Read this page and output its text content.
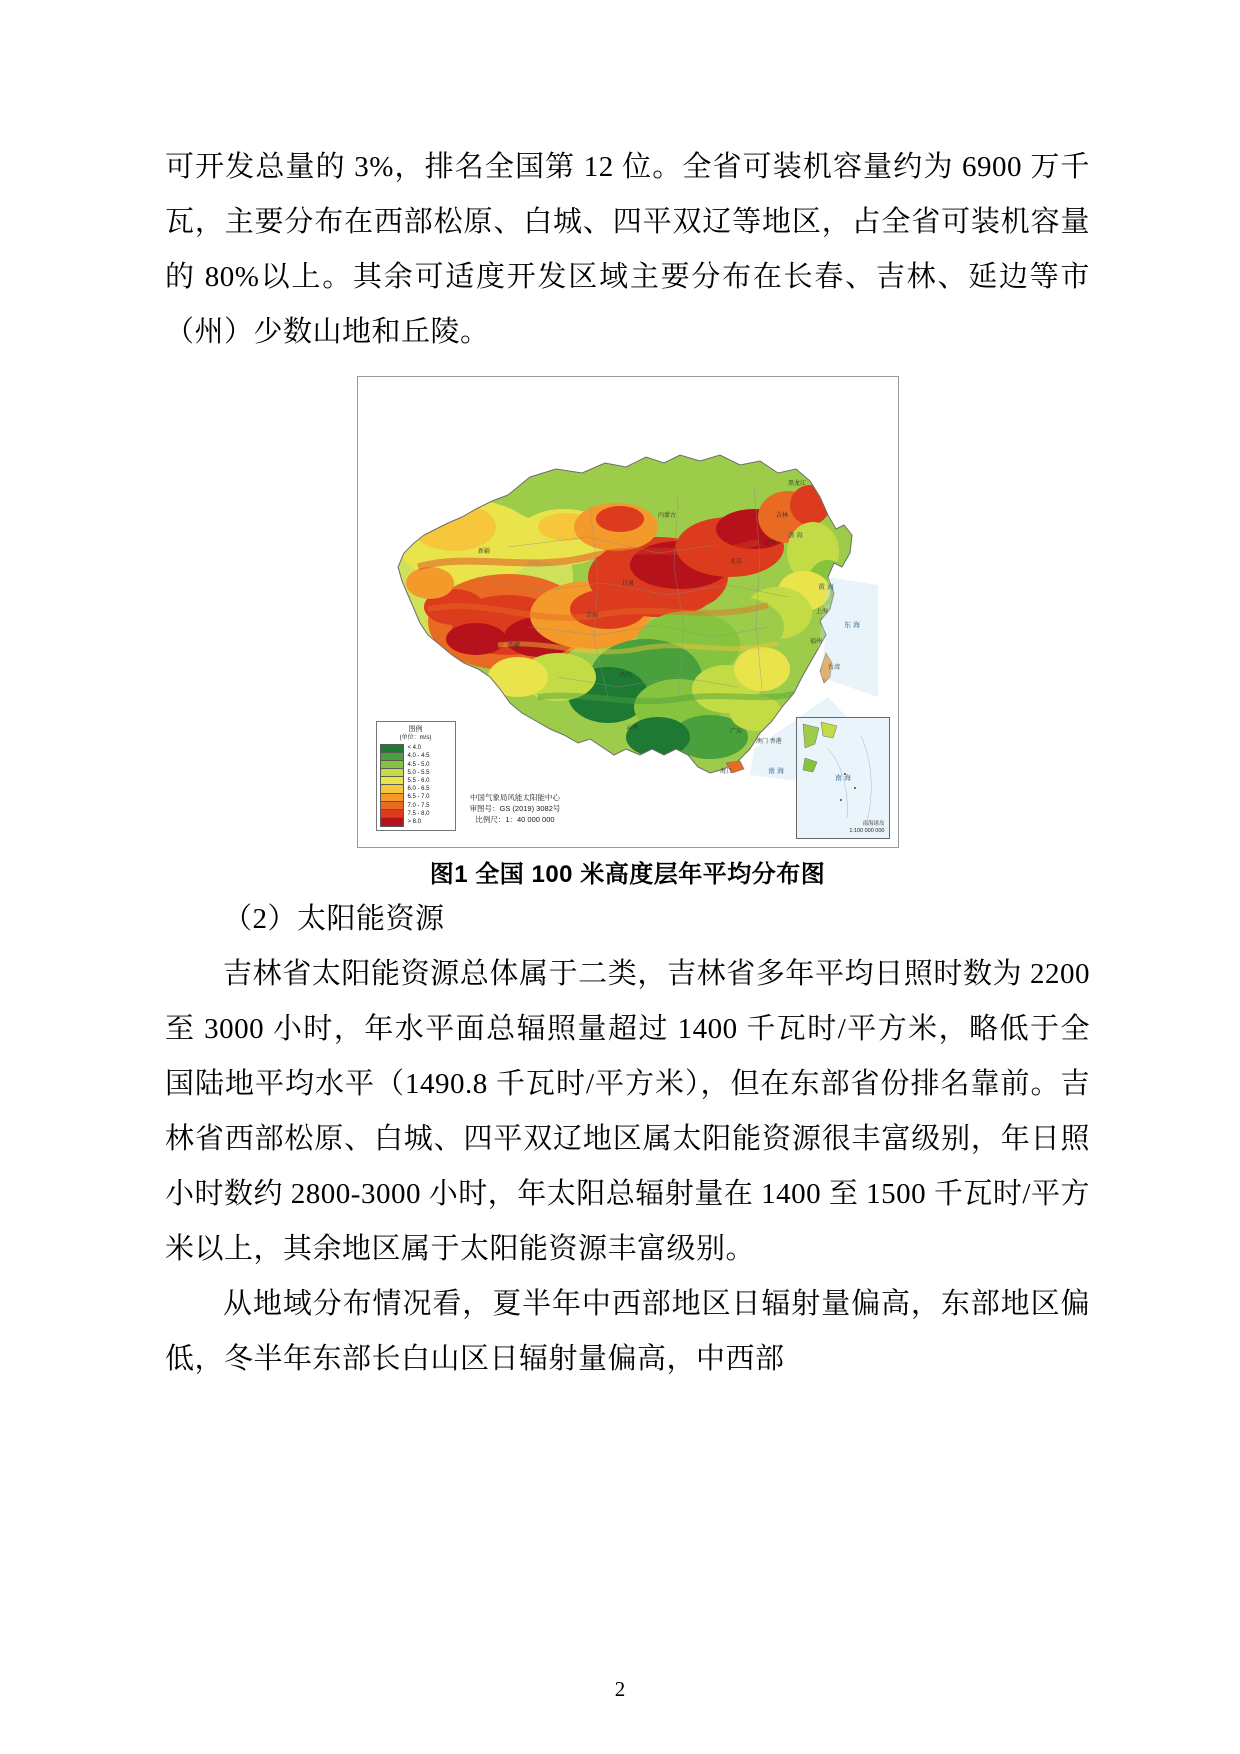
可开发总量的 3%，排名全国第 12 位。全省可装机容量约为 6900 万千瓦，主要分布在西部松原、白城、四平双辽等地区，占全省可装机容量的 80%以上。其余可适度开发区域主要分布在长春、吉林、延边等市（州）少数山地和丘陵。

东 海
黄 海
渤 海
南 海
黑龙江
吉林
辽宁
北京
内蒙古
新疆
西藏
青海
甘肃
四川
云南
广东
台湾
海口
福州
上海
澳门 香港
图例
(单位：m/s)
< 4.0
4.0 - 4.5
4.5 - 5.0
5.0 - 5.5
5.5 - 6.0
6.0 - 6.5
6.5 - 7.0
7.0 - 7.5
7.5 - 8.0
> 8.0
中国气象局风能太阳能中心
审图号：GS (2019) 3082号
比例尺：1：40 000 000
南 海
南海诸岛
1:100 000 000
图1 全国 100 米高度层年平均分布图

（2）太阳能资源

吉林省太阳能资源总体属于二类，吉林省多年平均日照时数为 2200 至 3000 小时，年水平面总辐照量超过 1400 千瓦时/平方米，略低于全国陆地平均水平（1490.8 千瓦时/平方米），但在东部省份排名靠前。吉林省西部松原、白城、四平双辽地区属太阳能资源很丰富级别，年日照小时数约 2800-3000 小时，年太阳总辐射量在 1400 至 1500 千瓦时/平方米以上，其余地区属于太阳能资源丰富级别。

从地域分布情况看，夏半年中西部地区日辐射量偏高，东部地区偏低，冬半年东部长白山区日辐射量偏高，中西部

2
